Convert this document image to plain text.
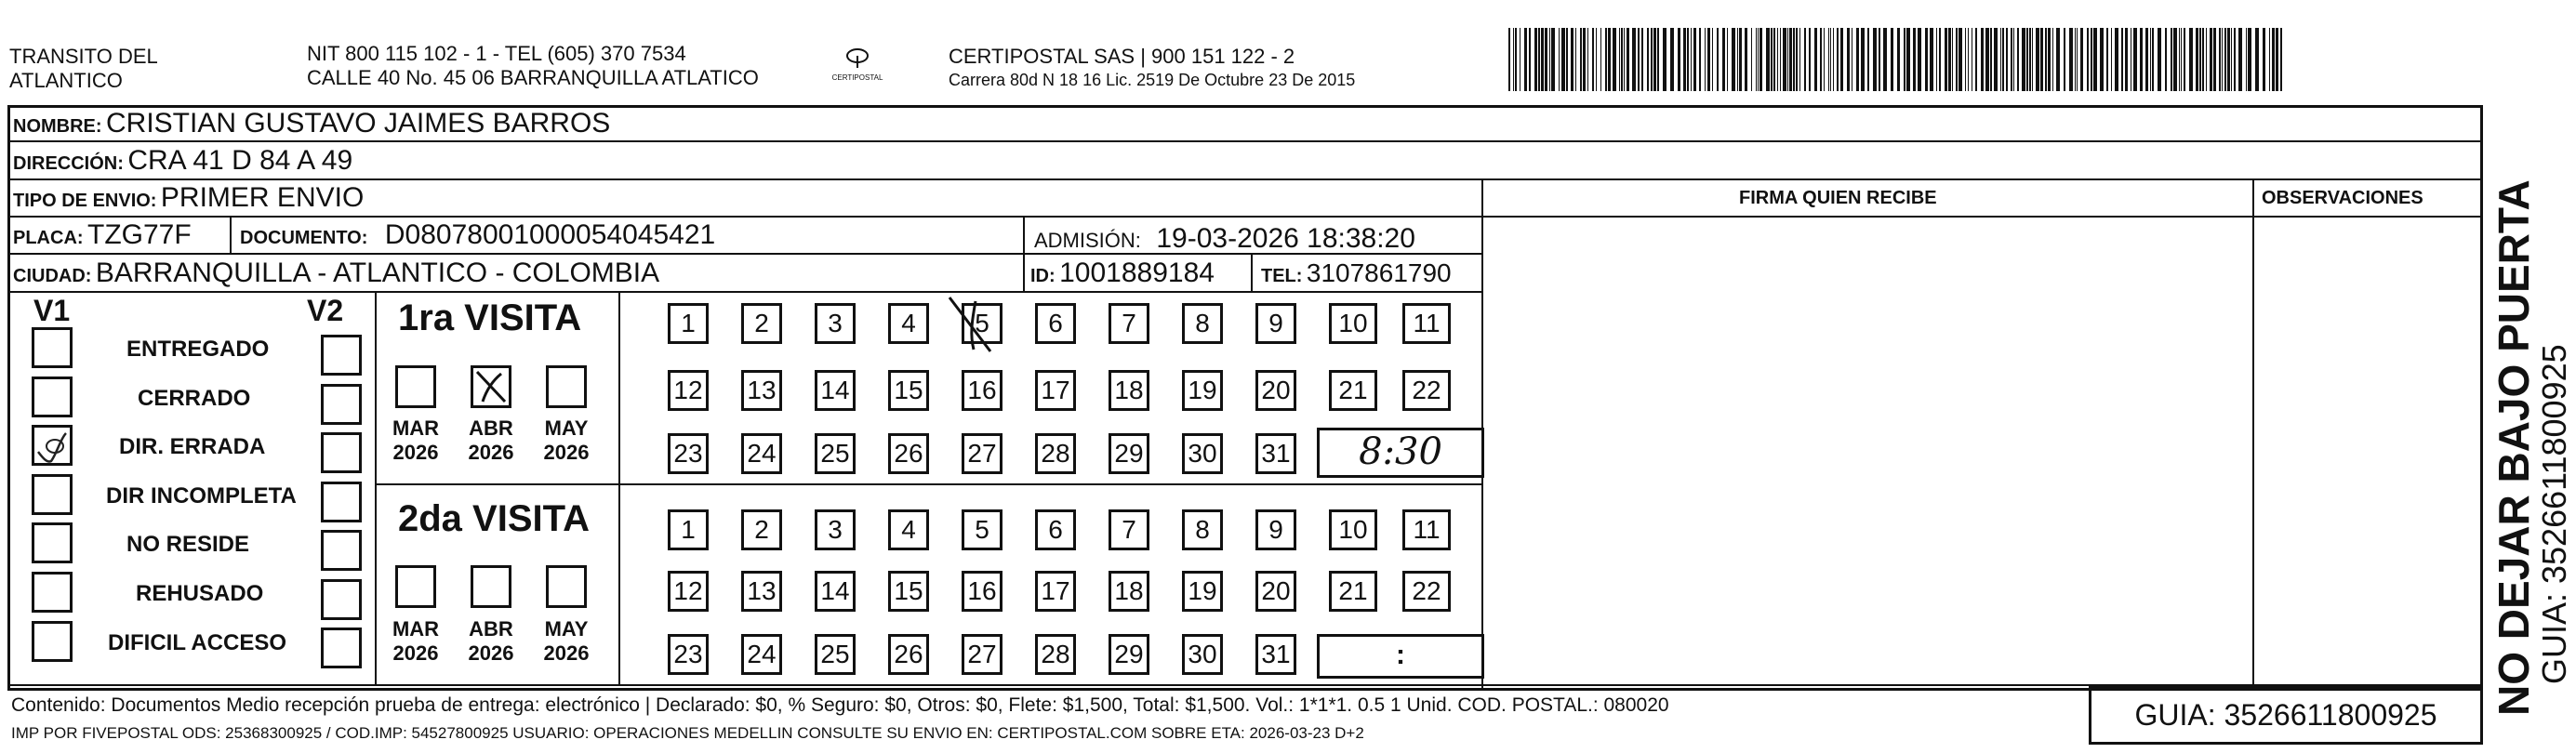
TRANSITO DEL
ATLANTICO
NIT 800 115 102 - 1 - TEL (605) 370 7534
CALLE 40 No. 45 06 BARRANQUILLA ATLATICO	CERTIPOSTAL
CERTIPOSTAL SAS | 900 151 122 - 2
Carrera 80d N 18 16 Lic. 2519 De Octubre 23 De 2015
NOMBRE: CRISTIAN GUSTAVO JAIMES BARROS
DIRECCIÓN: CRA 41 D 84 A 49
TIPO DE ENVIO: PRIMER ENVIO
PLACA: TZG77F	DOCUMENTO: D08078001000054045421	ADMISIÓN: 19-03-2026 18:38:20
CIUDAD: BARRANQUILLA - ATLANTICO - COLOMBIA	ID: 1001889184	TEL: 3107861790
FIRMA QUIEN RECIBE	OBSERVACIONES
V1	V2
ENTREGADO
CERRADO
DIR. ERRADA
DIR INCOMPLETA
NO RESIDE
REHUSADO
DIFICIL ACCESO
1ra VISITA
MAR
2026
ABR
2026
MAY
2026
2da VISITA
MAR
2026
ABR
2026
MAY
2026
1	2	3	4	5	6	7	8	9	10	11
12 13 14 15 16 17 18 19 20	21	22
23 24 25 26 27 28 29 30 31
1	2	3	4	5	6	7	8	9	10	11
12 13 14 15 16 17 18 19 20	21	22
23 24 25 26 27 28 29 30 31
8:30
:
Contenido: Documentos Medio recepción prueba de entrega: electrónico | Declarado: $0, % Seguro: $0, Otros: $0, Flete: $1,500, Total: $1,500. Vol.: 1*1*1. 0.5 1 Unid. COD. POSTAL.: 080020
IMP POR FIVEPOSTAL ODS: 25368300925 / COD.IMP: 54527800925 USUARIO: OPERACIONES MEDELLIN CONSULTE SU ENVIO EN: CERTIPOSTAL.COM SOBRE ETA: 2026-03-23 D+2
GUIA: 3526611800925	NO DEJAR BAJO PUERTA
GUIA: 3526611800925
